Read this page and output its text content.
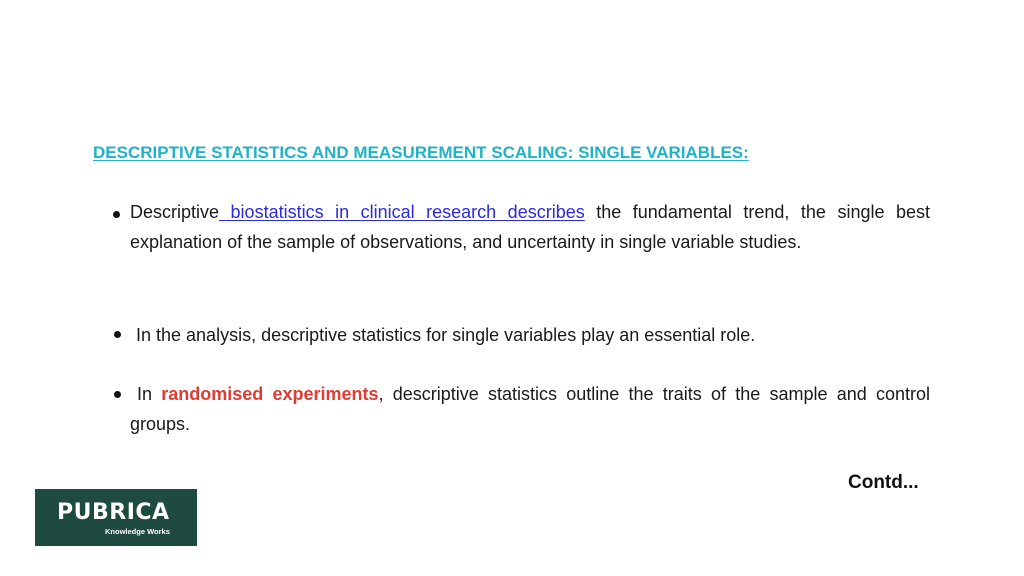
DESCRIPTIVE STATISTICS AND MEASUREMENT SCALING: SINGLE VARIABLES:

Descriptive biostatistics in clinical research describes the fundamental trend, the single best explanation of the sample of observations, and uncertainty in single variable studies.
In the analysis, descriptive statistics for single variables play an essential role.
In randomised experiments, descriptive statistics outline the traits of the sample and control groups.
Contd...
PUBRICA
Knowledge Works
